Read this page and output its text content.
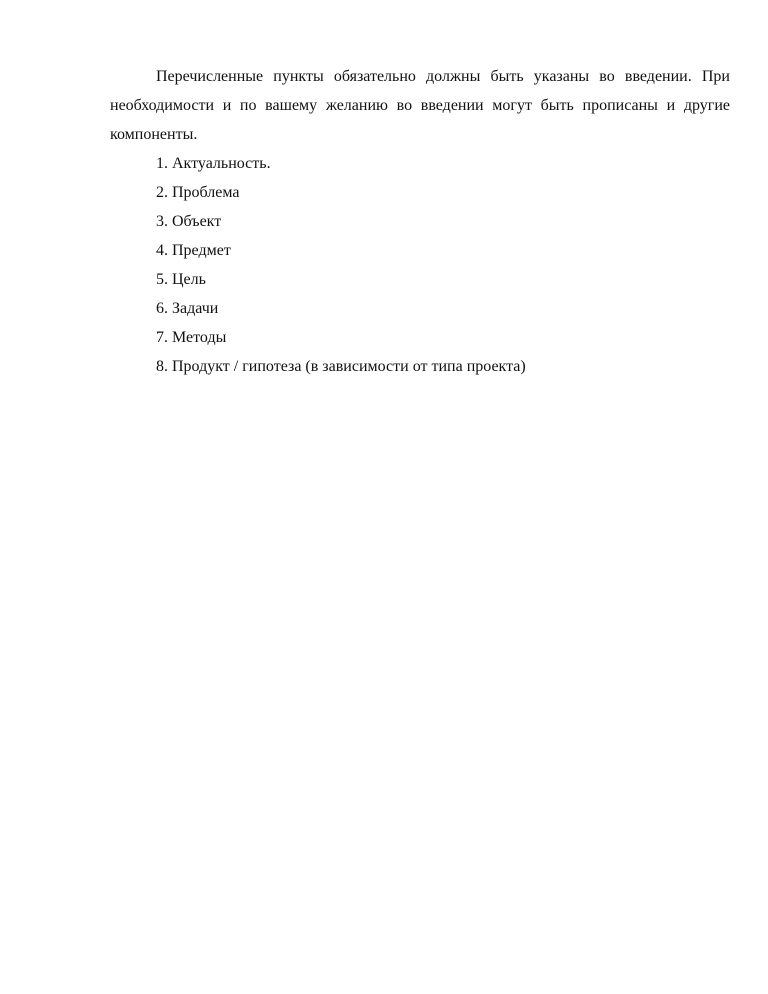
Перечисленные пункты обязательно должны быть указаны во введении. При необходимости и по вашему желанию во введении могут быть прописаны и другие компоненты.

1. Актуальность.
2. Проблема
3. Объект
4. Предмет
5. Цель
6. Задачи
7. Методы
8. Продукт / гипотеза (в зависимости от типа проекта)
